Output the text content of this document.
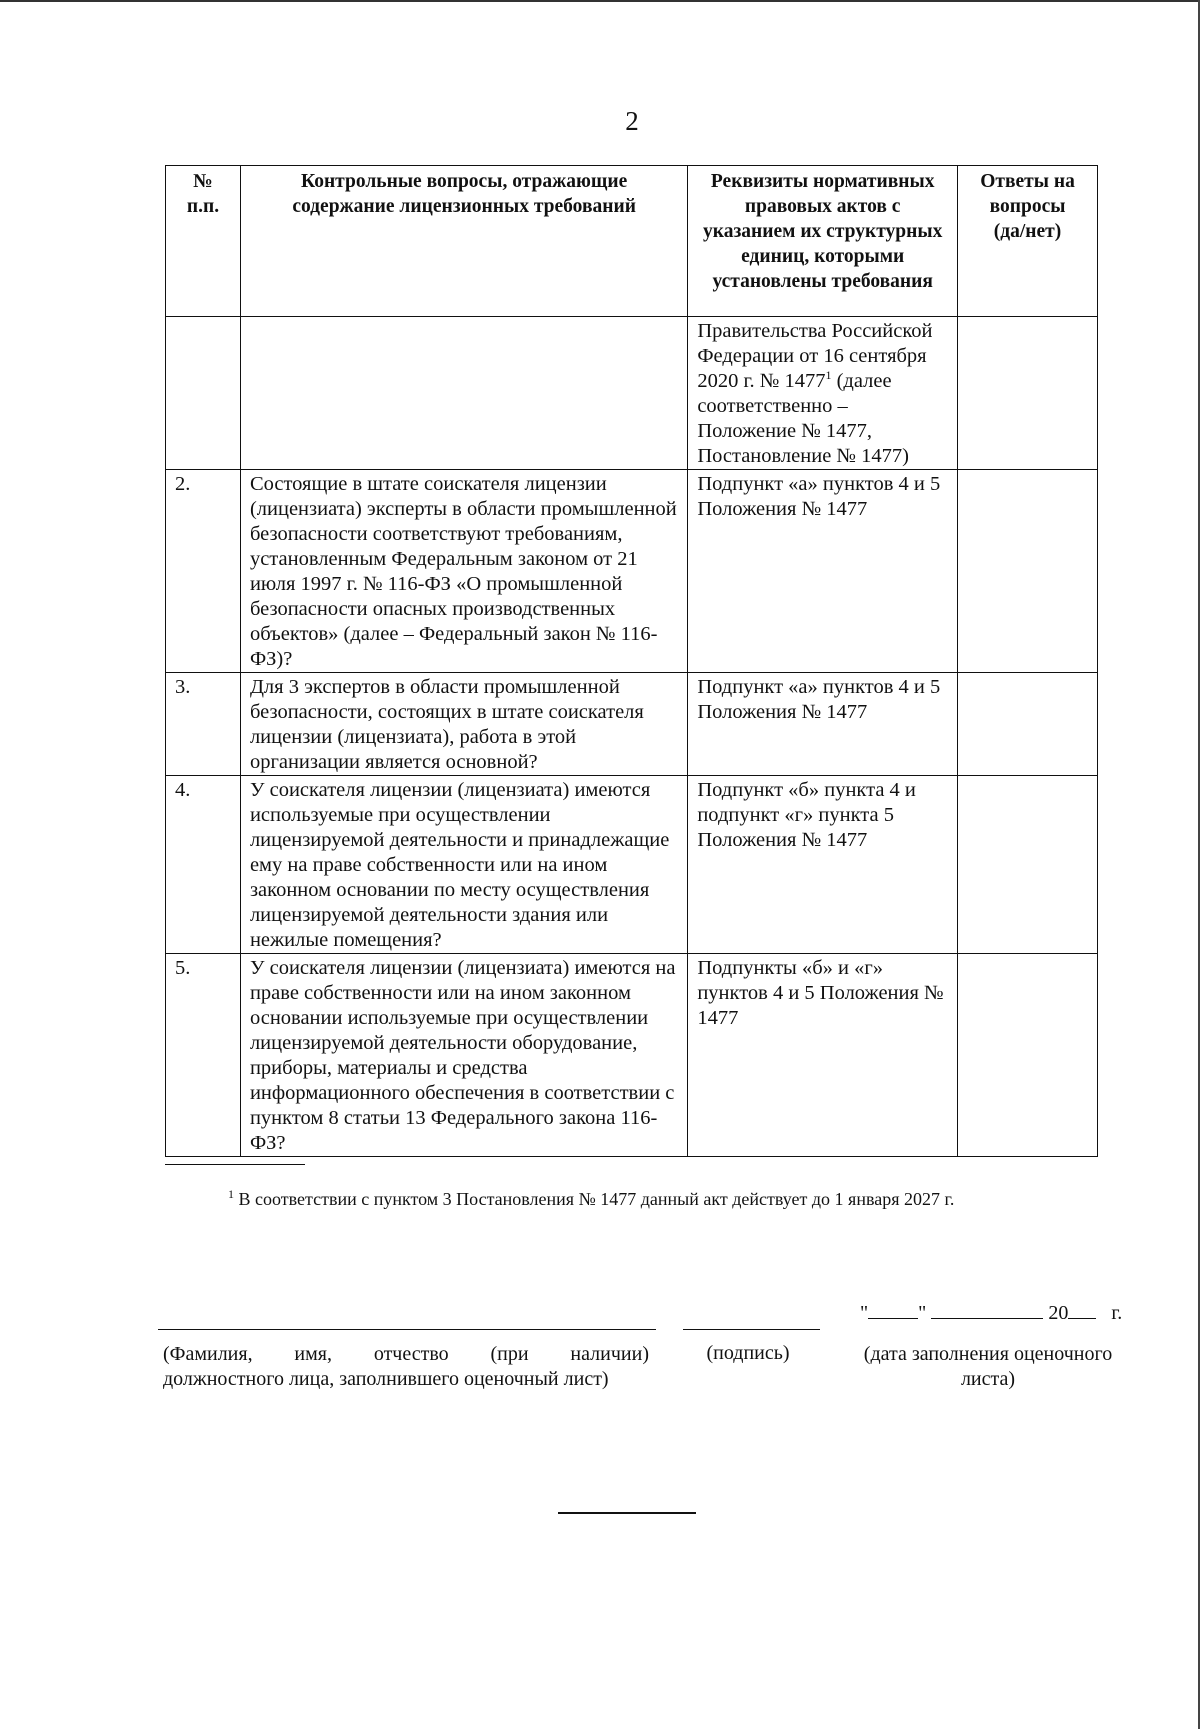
2
№ п.п.	Контрольные вопросы, отражающие содержание лицензионных требований	Реквизиты нормативных правовых актов с указанием их структурных единиц, которыми установлены требования	Ответы на вопросы (да/нет)
		Правительства Российской Федерации от 16 сентября 2020 г. № 1477$^1$ (далее соответственно – Положение № 1477, Постановление № 1477)	
2.	Состоящие в штате соискателя лицензии (лицензиата) эксперты в области промышленной безопасности соответствуют требованиям, установленным Федеральным законом от 21 июля 1997 г. № 116-ФЗ «О промышленной безопасности опасных производственных объектов» (далее – Федеральный закон № 116-ФЗ)?	Подпункт «а» пунктов 4 и 5 Положения № 1477	
3.	Для 3 экспертов в области промышленной безопасности, состоящих в штате соискателя лицензии (лицензиата), работа в этой организации является основной?	Подпункт «а» пунктов 4 и 5 Положения № 1477	
4.	У соискателя лицензии (лицензиата) имеются используемые при осуществлении лицензируемой деятельности и принадлежащие ему на праве собственности или на ином законном основании по месту осуществления лицензируемой деятельности здания или нежилые помещения?	Подпункт «б» пункта 4 и подпункт «г» пункта 5 Положения № 1477	
5.	У соискателя лицензии (лицензиата) имеются на праве собственности или на ином законном основании используемые при осуществлении лицензируемой деятельности оборудование, приборы, материалы и средства информационного обеспечения в соответствии с пунктом 8 статьи 13 Федерального закона 116-ФЗ?	Подпункты «б» и «г» пунктов 4 и 5 Положения № 1477	
$^1$ В соответствии с пунктом 3 Постановления № 1477 данный акт действует до 1 января 2027 г.
"	"	20 г.
(Фамилия, имя, отчество (при наличии)
должностного лица, заполнившего оценочный лист)
(подпись)	(дата заполнения оценочного листа)
